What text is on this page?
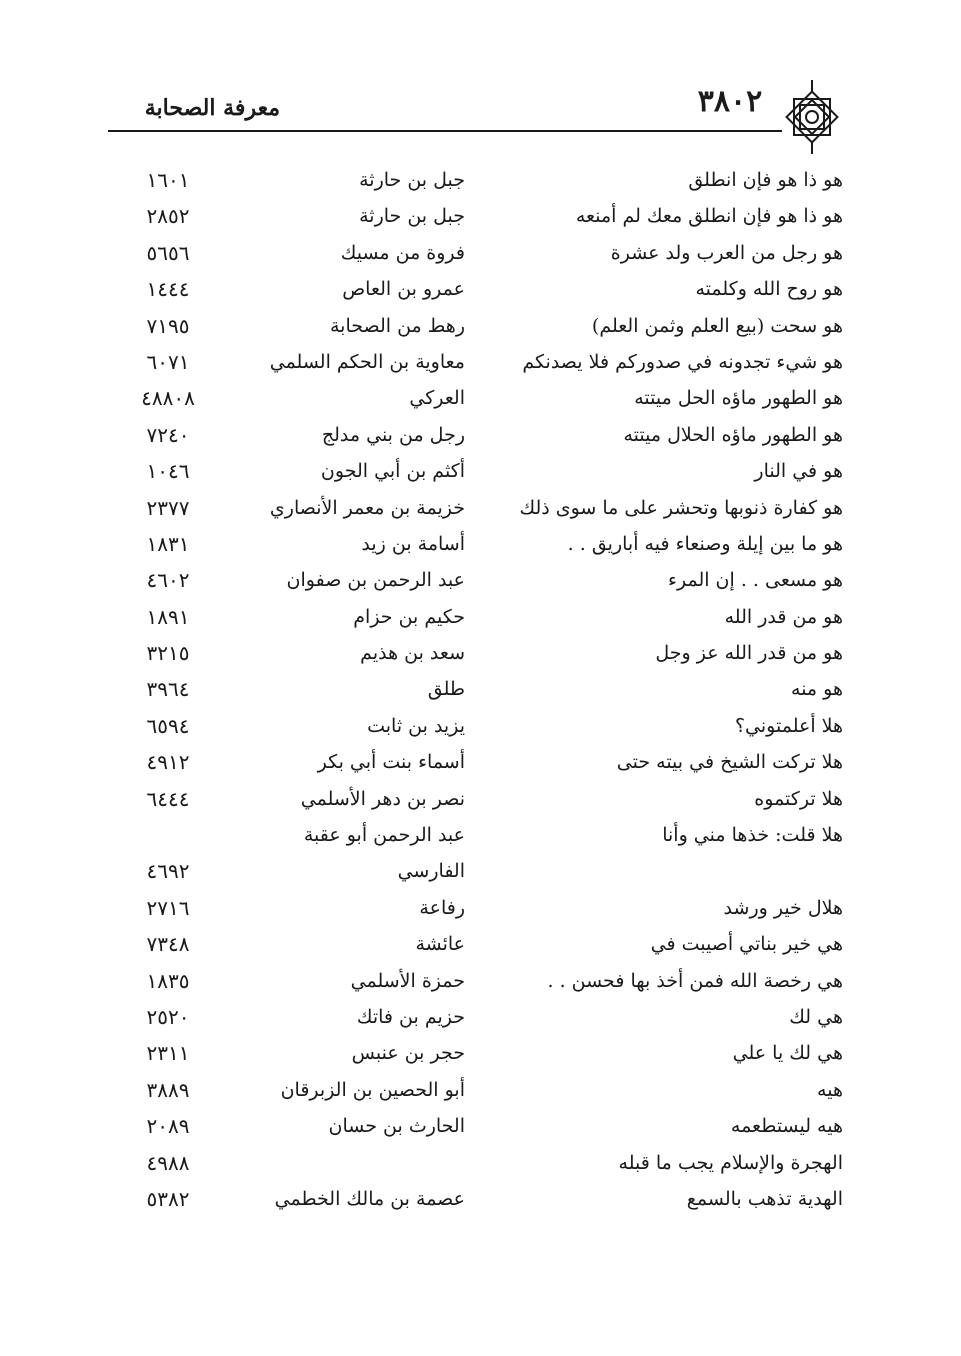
٣٨٠٢
معرفة الصحابة
هو ذا هو فإن انطلق
جبل بن حارثة
١٦٠١
هو ذا هو فإن انطلق معك لم أمنعه
جبل بن حارثة
٢٨٥٢
هو رجل من العرب ولد عشرة
فروة من مسيك
٥٦٥٦
هو روح الله وكلمته
عمرو بن العاص
١٤٤٤
هو سحت (بيع العلم وثمن العلم)
رهط من الصحابة
٧١٩٥
هو شيء تجدونه في صدوركم فلا يصدنكم
معاوية بن الحكم السلمي
٦٠٧١
هو الطهور ماؤه الحل ميتته
العركي
٤٨٨٠٨
هو الطهور ماؤه الحلال ميتته
رجل من بني مدلج
٧٢٤٠
هو في النار
أكثم بن أبي الجون
١٠٤٦
هو كفارة ذنوبها وتحشر على ما سوى ذلك
خزيمة بن معمر الأنصاري
٢٣٧٧
هو ما بين إيلة وصنعاء فيه أباريق . .
أسامة بن زيد
١٨٣١
هو مسعى . . إن المرء
عبد الرحمن بن صفوان
٤٦٠٢
هو من قدر الله
حكيم بن حزام
١٨٩١
هو من قدر الله عز وجل
سعد بن هذيم
٣٢١٥
هو منه
طلق
٣٩٦٤
هلا أعلمتوني؟
يزيد بن ثابت
٦٥٩٤
هلا تركت الشيخ في بيته حتى
أسماء بنت أبي بكر
٤٩١٢
هلا تركتموه
نصر بن دهر الأسلمي
٦٤٤٤
هلا قلت: خذها مني وأنا
عبد الرحمن أبو عقبة
الفارسي
٤٦٩٢
هلال خير ورشد
رفاعة
٢٧١٦
هي خير بناتي أصيبت في
عائشة
٧٣٤٨
هي رخصة الله فمن أخذ بها فحسن . .
حمزة الأسلمي
١٨٣٥
هي لك
حزيم بن فاتك
٢٥٢٠
هي لك يا علي
حجر بن عنبس
٢٣١١
هيه
أبو الحصين بن الزبرقان
٣٨٨٩
هيه ليستطعمه
الحارث بن حسان
٢٠٨٩
الهجرة والإسلام يجب ما قبله
٤٩٨٨
الهدية تذهب بالسمع
عصمة بن مالك الخطمي
٥٣٨٢
